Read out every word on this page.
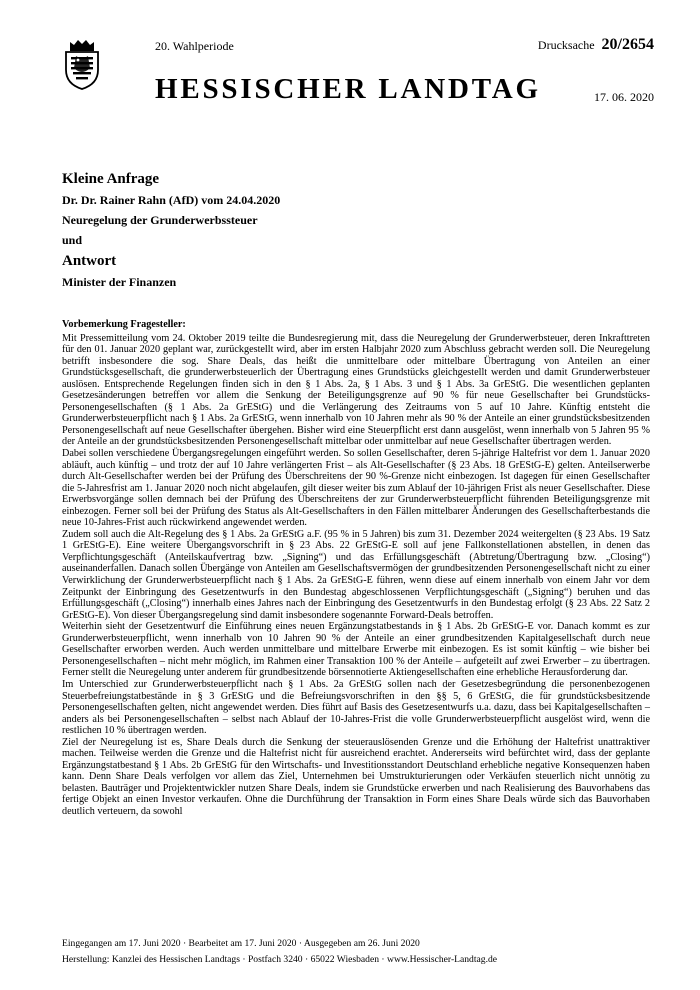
20. Wahlperiode	Drucksache 20/2654
HESSISCHER LANDTAG	17. 06. 2020

Kleine Anfrage

Dr. Dr. Rainer Rahn (AfD) vom 24.04.2020

Neuregelung der Grunderwerbssteuer

und

Antwort

Minister der Finanzen

Vorbemerkung Fragesteller:

Mit Pressemitteilung vom 24. Oktober 2019 teilte die Bundesregierung mit, dass die Neuregelung der Grunderwerbsteuer, deren Inkrafttreten für den 01. Januar 2020 geplant war, zurückgestellt wird, aber im ersten Halbjahr 2020 zum Abschluss gebracht werden soll. Die Neuregelung betrifft insbesondere die sog. Share Deals, das heißt die unmittelbare oder mittelbare Übertragung von Anteilen an einer Grundstücksgesellschaft, die grunderwerbsteuerlich der Übertragung eines Grundstücks gleichgestellt werden und damit Grunderwerbsteuer auslösen. Entsprechende Regelungen finden sich in den § 1 Abs. 2a, § 1 Abs. 3 und § 1 Abs. 3a GrEStG. Die wesentlichen geplanten Gesetzesänderungen betreffen vor allem die Senkung der Beteiligungsgrenze auf 90 % für neue Gesellschafter bei Grundstücks-Personengesellschaften (§ 1 Abs. 2a GrEStG) und die Verlängerung des Zeitraums von 5 auf 10 Jahre. Künftig entsteht die Grunderwerbsteuerpflicht nach § 1 Abs. 2a GrEStG, wenn innerhalb von 10 Jahren mehr als 90 % der Anteile an einer grundstücksbesitzenden Personengesellschaft auf neue Gesellschafter übergehen. Bisher wird eine Steuerpflicht erst dann ausgelöst, wenn innerhalb von 5 Jahren 95 % der Anteile an der grundstücksbesitzenden Personengesellschaft mittelbar oder unmittelbar auf neue Gesellschafter übertragen werden.

Dabei sollen verschiedene Übergangsregelungen eingeführt werden. So sollen Gesellschafter, deren 5-jährige Haltefrist vor dem 1. Januar 2020 abläuft, auch künftig – und trotz der auf 10 Jahre verlängerten Frist – als Alt-Gesellschafter (§ 23 Abs. 18 GrEStG-E) gelten. Anteilserwerbe durch Alt-Gesellschafter werden bei der Prüfung des Überschreitens der 90 %-Grenze nicht einbezogen. Ist dagegen für einen Gesellschafter die 5-Jahresfrist am 1. Januar 2020 noch nicht abgelaufen, gilt dieser weiter bis zum Ablauf der 10-jährigen Frist als neuer Gesellschafter. Diese Erwerbsvorgänge sollen demnach bei der Prüfung des Überschreitens der zur Grunderwerbsteuerpflicht führenden Beteiligungsgrenze mit einbezogen. Ferner soll bei der Prüfung des Status als Alt-Gesellschafters in den Fällen mittelbarer Änderungen des Gesellschafterbestands die neue 10-Jahres-Frist auch rückwirkend angewendet werden.

Zudem soll auch die Alt-Regelung des § 1 Abs. 2a GrEStG a.F. (95 % in 5 Jahren) bis zum 31. Dezember 2024 weitergelten (§ 23 Abs. 19 Satz 1 GrEStG-E). Eine weitere Übergangsvorschrift in § 23 Abs. 22 GrEStG-E soll auf jene Fallkonstellationen abstellen, in denen das Verpflichtungsgeschäft (Anteilskaufvertrag bzw. „Signing“) und das Erfüllungsgeschäft (Abtretung/Übertragung bzw. „Closing“) auseinanderfallen. Danach sollen Übergänge von Anteilen am Gesellschaftsvermögen der grundbesitzenden Personengesellschaft nicht zu einer Verwirklichung der Grunderwerbsteuerpflicht nach § 1 Abs. 2a GrEStG-E führen, wenn diese auf einem innerhalb von einem Jahr vor dem Zeitpunkt der Einbringung des Gesetzentwurfs in den Bundestag abgeschlossenen Verpflichtungsgeschäft („Signing“) beruhen und das Erfüllungsgeschäft („Closing“) innerhalb eines Jahres nach der Einbringung des Gesetzentwurfs in den Bundestag erfolgt (§ 23 Abs. 22 Satz 2 GrEStG-E). Von dieser Übergangsregelung sind damit insbesondere sogenannte Forward-Deals betroffen.

Weiterhin sieht der Gesetzentwurf die Einführung eines neuen Ergänzungstatbestands in § 1 Abs. 2b GrEStG-E vor. Danach kommt es zur Grunderwerbsteuerpflicht, wenn innerhalb von 10 Jahren 90 % der Anteile an einer grundbesitzenden Kapitalgesellschaft durch neue Gesellschafter erworben werden. Auch werden unmittelbare und mittelbare Erwerbe mit einbezogen. Es ist somit künftig – wie bisher bei Personengesellschaften – nicht mehr möglich, im Rahmen einer Transaktion 100 % der Anteile – aufgeteilt auf zwei Erwerber – zu übertragen. Ferner stellt die Neuregelung unter anderem für grundbesitzende börsennotierte Aktiengesellschaften eine erhebliche Herausforderung dar.

Im Unterschied zur Grunderwerbsteuerpflicht nach § 1 Abs. 2a GrEStG sollen nach der Gesetzesbegründung die personenbezogenen Steuerbefreiungstatbestände in § 3 GrEStG und die Befreiungsvorschriften in den §§ 5, 6 GrEStG, die für grundstücksbesitzende Personengesellschaften gelten, nicht angewendet werden. Dies führt auf Basis des Gesetzesentwurfs u.a. dazu, dass bei Kapitalgesellschaften – anders als bei Personengesellschaften – selbst nach Ablauf der 10-Jahres-Frist die volle Grunderwerbsteuerpflicht ausgelöst wird, wenn die restlichen 10 % übertragen werden.

Ziel der Neuregelung ist es, Share Deals durch die Senkung der steuerauslösenden Grenze und die Erhöhung der Haltefrist unattraktiver machen. Teilweise werden die Grenze und die Haltefrist nicht für ausreichend erachtet. Andererseits wird befürchtet wird, dass der geplante Ergänzungstatbestand § 1 Abs. 2b GrEStG für den Wirtschafts- und Investitionsstandort Deutschland erhebliche negative Konsequenzen haben kann. Denn Share Deals verfolgen vor allem das Ziel, Unternehmen bei Umstrukturierungen oder Verkäufen steuerlich nicht unnötig zu belasten. Bauträger und Projektentwickler nutzen Share Deals, indem sie Grundstücke erwerben und nach Realisierung des Bauvorhabens das fertige Objekt an einen Investor verkaufen. Ohne die Durchführung der Transaktion in Form eines Share Deals würde sich das Bauvorhaben deutlich verteuern, da sowohl

Eingegangen am 17. Juni 2020 · Bearbeitet am 17. Juni 2020 · Ausgegeben am 26. Juni 2020
Herstellung: Kanzlei des Hessischen Landtags · Postfach 3240 · 65022 Wiesbaden · www.Hessischer-Landtag.de
